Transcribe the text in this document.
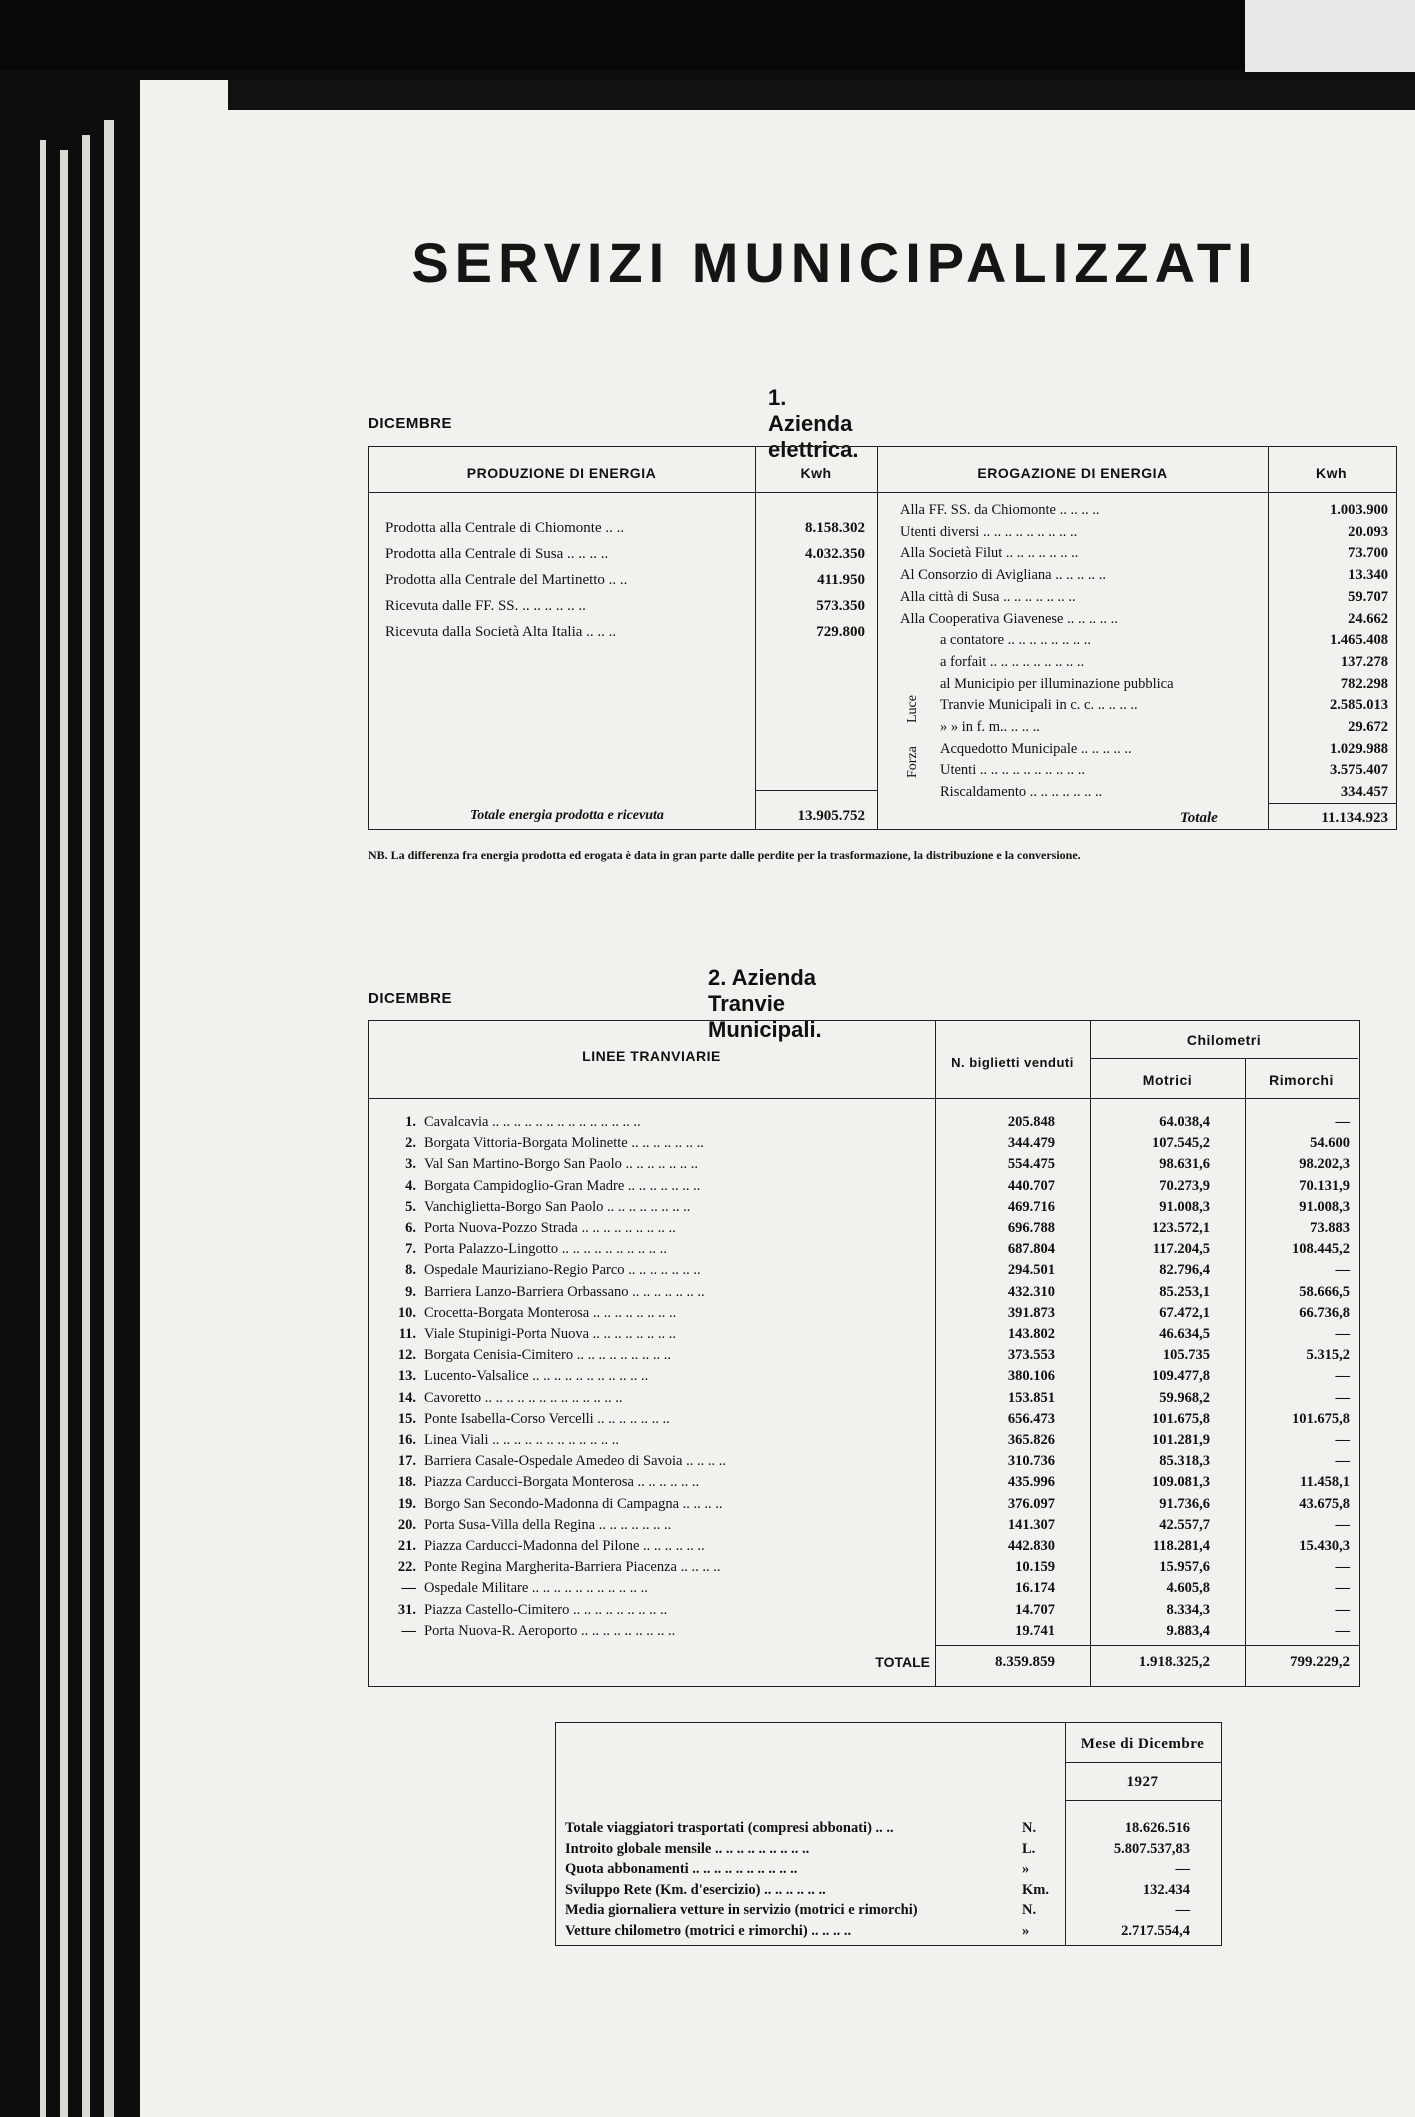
SERVIZI MUNICIPALIZZATI
1. Azienda elettrica.
DICEMBRE
PRODUZIONE DI ENERGIA	Kwh	EROGAZIONE DI ENERGIA	Kwh
Prodotta alla Centrale di Chiomonte .. ..	8.158.302
Prodotta alla Centrale di Susa .. .. .. ..	4.032.350
Prodotta alla Centrale del Martinetto .. ..	411.950
Ricevuta dalle FF. SS. .. .. .. .. .. ..	573.350
Ricevuta dalla Società Alta Italia .. .. ..	729.800
Totale energia prodotta e ricevuta	13.905.752
Alla FF. SS. da Chiomonte .. .. .. ..	1.003.900
Utenti diversi .. .. .. .. .. .. .. .. ..	20.093
Alla Società Filut .. .. .. .. .. .. ..	73.700
Al Consorzio di Avigliana .. .. .. .. ..	13.340
Alla città di Susa .. .. .. .. .. .. ..	59.707
Alla Cooperativa Giavenese .. .. .. .. ..	24.662
a contatore .. .. .. .. .. .. .. ..	1.465.408
a forfait .. .. .. .. .. .. .. .. ..	137.278
al Municipio per illuminazione pubblica	782.298
Tranvie Municipali in c. c. .. .. .. ..	2.585.013
» » in f. m.. .. .. ..	29.672
Acquedotto Municipale .. .. .. .. ..	1.029.988
Utenti .. .. .. .. .. .. .. .. .. ..	3.575.407
Riscaldamento .. .. .. .. .. .. ..	334.457
Luce
Forza
Totale	11.134.923
NB. La differenza fra energia prodotta ed erogata è data in gran parte dalle perdite per la trasformazione, la distribuzione e la conversione.
2. Azienda Tranvie Municipali.
DICEMBRE
LINEE TRANVIARIE	N. biglietti venduti
Chilometri
Motrici	Rimorchi
1. Cavalcavia .. .. .. .. .. .. .. .. .. .. .. .. .. ..	205.848	64.038,4	—
2. Borgata Vittoria-Borgata Molinette .. .. .. .. .. .. ..	344.479	107.545,2	54.600
3. Val San Martino-Borgo San Paolo .. .. .. .. .. .. ..	554.475	98.631,6	98.202,3
4. Borgata Campidoglio-Gran Madre .. .. .. .. .. .. ..	440.707	70.273,9	70.131,9
5. Vanchiglietta-Borgo San Paolo .. .. .. .. .. .. .. ..	469.716	91.008,3	91.008,3
6. Porta Nuova-Pozzo Strada .. .. .. .. .. .. .. .. ..	696.788	123.572,1	73.883
7. Porta Palazzo-Lingotto .. .. .. .. .. .. .. .. .. ..	687.804	117.204,5	108.445,2
8. Ospedale Mauriziano-Regio Parco .. .. .. .. .. .. ..	294.501	82.796,4	—
9. Barriera Lanzo-Barriera Orbassano .. .. .. .. .. .. ..	432.310	85.253,1	58.666,5
10. Crocetta-Borgata Monterosa .. .. .. .. .. .. .. ..	391.873	67.472,1	66.736,8
11. Viale Stupinigi-Porta Nuova .. .. .. .. .. .. .. ..	143.802	46.634,5	—
12. Borgata Cenisia-Cimitero .. .. .. .. .. .. .. .. ..	373.553	105.735	5.315,2
13. Lucento-Valsalice .. .. .. .. .. .. .. .. .. .. ..	380.106	109.477,8	—
14. Cavoretto .. .. .. .. .. .. .. .. .. .. .. .. ..	153.851	59.968,2	—
15. Ponte Isabella-Corso Vercelli .. .. .. .. .. .. ..	656.473	101.675,8	101.675,8
16. Linea Viali .. .. .. .. .. .. .. .. .. .. .. ..	365.826	101.281,9	—
17. Barriera Casale-Ospedale Amedeo di Savoia .. .. .. ..	310.736	85.318,3	—
18. Piazza Carducci-Borgata Monterosa .. .. .. .. .. ..	435.996	109.081,3	11.458,1
19. Borgo San Secondo-Madonna di Campagna .. .. .. ..	376.097	91.736,6	43.675,8
20. Porta Susa-Villa della Regina .. .. .. .. .. .. ..	141.307	42.557,7	—
21. Piazza Carducci-Madonna del Pilone .. .. .. .. .. ..	442.830	118.281,4	15.430,3
22. Ponte Regina Margherita-Barriera Piacenza .. .. .. ..	10.159	15.957,6	—
— Ospedale Militare .. .. .. .. .. .. .. .. .. .. ..	16.174	4.605,8	—
31. Piazza Castello-Cimitero .. .. .. .. .. .. .. .. ..	14.707	8.334,3	—
— Porta Nuova-R. Aeroporto .. .. .. .. .. .. .. .. ..	19.741	9.883,4	—
TOTALE	8.359.859	1.918.325,2	799.229,2
Mese di Dicembre
1927
Totale viaggiatori trasportati (compresi abbonati) .. ..	N.	18.626.516
Introito globale mensile .. .. .. .. .. .. .. .. ..	L.	5.807.537,83
Quota abbonamenti .. .. .. .. .. .. .. .. .. ..	»	—
Sviluppo Rete (Km. d'esercizio) .. .. .. .. .. ..	Km.	132.434
Media giornaliera vetture in servizio (motrici e rimorchi)	N.	—
Vetture chilometro (motrici e rimorchi) .. .. .. ..	»	2.717.554,4
